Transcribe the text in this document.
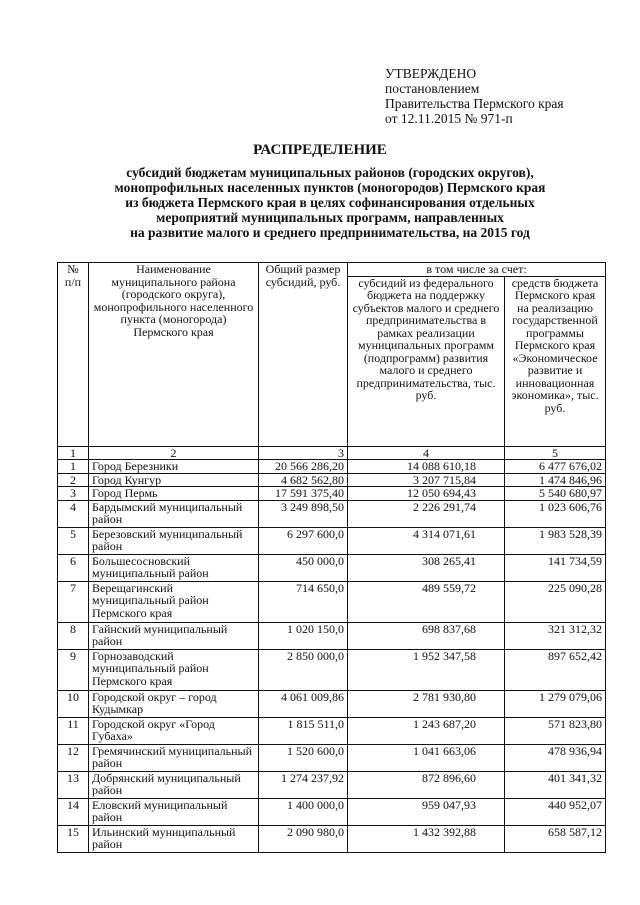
УТВЕРЖДЕНО
постановлением
Правительства Пермского края
от 12.11.2015 № 971-п
РАСПРЕДЕЛЕНИЕ
субсидий бюджетам муниципальных районов (городских округов),
монопрофильных населенных пунктов (моногородов) Пермского края
из бюджета Пермского края в целях софинансирования отдельных
мероприятий муниципальных программ, направленных
на развитие малого и среднего предпринимательства, на 2015 год
№ п/п	Наименование муниципального района (городского округа), монопрофильного населенного пункта (моногорода) Пермского края	Общий размер субсидий, руб.	в том числе за счет:	
			субсидий из федерального бюджета на поддержку субъектов малого и среднего предпринимательства в рамках реализации муниципальных программ (подпрограмм) развития малого и среднего предпринимательства, тыс. руб.	средств бюджета Пермского края на реализацию государственной программы Пермского края «Экономическое развитие и инновационная экономика», тыс. руб.
1	2	3	4	5
1	Город Березники	20 566 286,20	14 088 610,18	6 477 676,02
2	Город Кунгур	4 682 562,80	3 207 715,84	1 474 846,96
3	Город Пермь	17 591 375,40	12 050 694,43	5 540 680,97
4	Бардымский муниципальный район	3 249 898,50	2 226 291,74	1 023 606,76
5	Березовский муниципальный район	6 297 600,0	4 314 071,61	1 983 528,39
6	Большесосновский муниципальный район	450 000,0	308 265,41	141 734,59
7	Верещагинский муниципальный район Пермского края	714 650,0	489 559,72	225 090,28
8	Гайнский муниципальный район	1 020 150,0	698 837,68	321 312,32
9	Горнозаводский муниципальный район Пермского края	2 850 000,0	1 952 347,58	897 652,42
10	Городской округ – город Кудымкар	4 061 009,86	2 781 930,80	1 279 079,06
11	Городской округ «Город Губаха»	1 815 511,0	1 243 687,20	571 823,80
12	Гремячинский муниципальный район	1 520 600,0	1 041 663,06	478 936,94
13	Добрянский муниципальный район	1 274 237,92	872 896,60	401 341,32
14	Еловский муниципальный район	1 400 000,0	959 047,93	440 952,07
15	Ильинский муниципальный район	2 090 980,0	1 432 392,88	658 587,12
